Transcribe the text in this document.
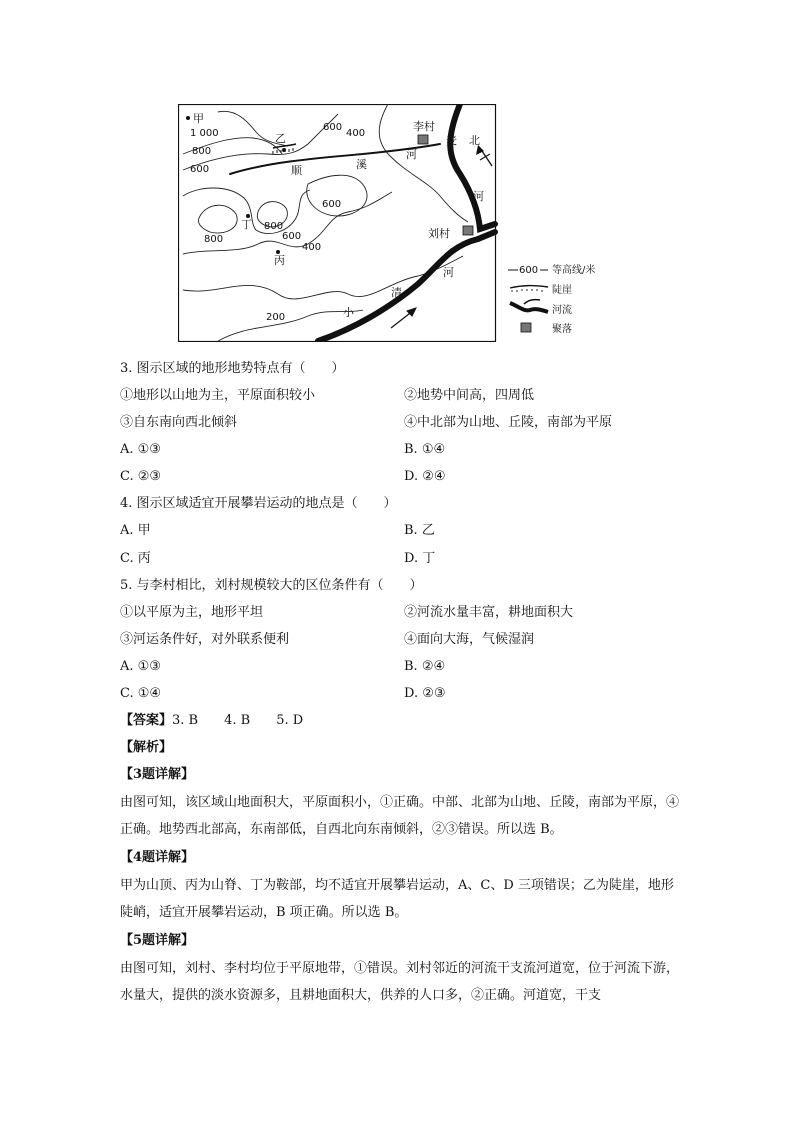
1 000
800
600
600
400
600
800
800
600
400
200
甲
乙
丁
丙
李村
刘村
顺	溪
河
麦
河
河
小
清
北
600 等高线/米
陡崖
河流
聚落
3. 图示区域的地形地势特点有（　　）
①地形以山地为主，平原面积较小	②地势中间高，四周低
③自东南向西北倾斜	④中北部为山地、丘陵，南部为平原
A. ①③	B. ①④
C. ②③	D. ②④
4. 图示区域适宜开展攀岩运动的地点是（　　）
A. 甲	B. 乙
C. 丙	D. 丁
5. 与李村相比，刘村规模较大的区位条件有（　　）
①以平原为主，地形平坦	②河流水量丰富，耕地面积大
③河运条件好，对外联系便利	④面向大海，气候湿润
A. ①③	B. ②④
C. ①④	D. ②③
【答案】3. B　　4. B　　5. D
【解析】
【3题详解】
由图可知，该区域山地面积大，平原面积小，①正确。中部、北部为山地、丘陵，南部为平原，④正确。地势西北部高，东南部低，自西北向东南倾斜，②③错误。所以选 B。
【4题详解】
甲为山顶、丙为山脊、丁为鞍部，均不适宜开展攀岩运动，A、C、D 三项错误；乙为陡崖，地形陡峭，适宜开展攀岩运动，B 项正确。所以选 B。
【5题详解】
由图可知，刘村、李村均位于平原地带，①错误。刘村邻近的河流干支流河道宽，位于河流下游，水量大，提供的淡水资源多，且耕地面积大，供养的人口多，②正确。河道宽，干支
